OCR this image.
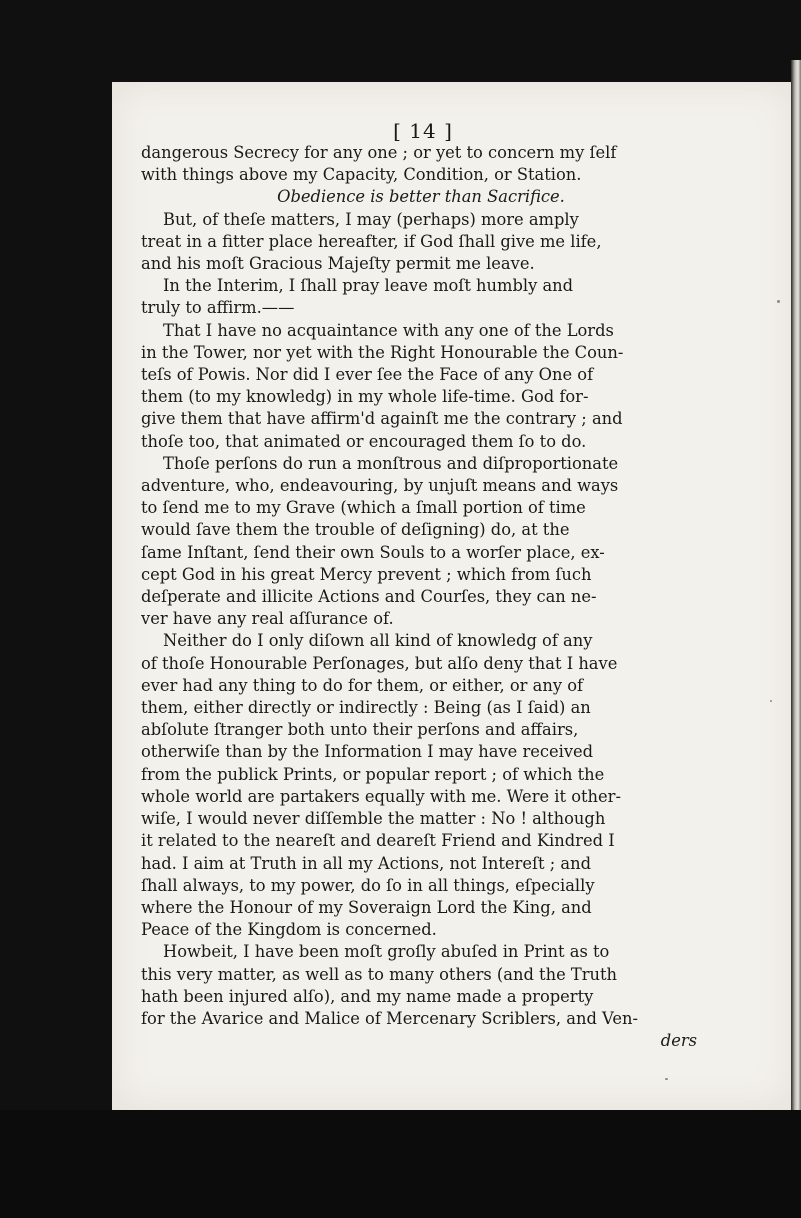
[ 14 ]
dangerous Secrecy for any one ; or yet to concern my ſelf
with things above my Capacity, Condition, or Station.
Obedience is better than Sacrifice.
But, of theſe matters, I may (perhaps) more amply
treat in a fitter place hereafter, if God ſhall give me life,
and his moſt Gracious Majeſty permit me leave.
In the Interim, I ſhall pray leave moſt humbly and
truly to affirm.——
That I have no acquaintance with any one of the Lords
in the Tower, nor yet with the Right Honourable the Coun-
teſs of Powis. Nor did I ever ſee the Face of any One of
them (to my knowledg) in my whole life-time. God for-
give them that have affirm'd againſt me the contrary ; and
thoſe too, that animated or encouraged them ſo to do.
Thoſe perſons do run a monſtrous and diſproportionate
adventure, who, endeavouring, by unjuſt means and ways
to ſend me to my Grave (which a ſmall portion of time
would ſave them the trouble of deſigning) do, at the
ſame Inſtant, ſend their own Souls to a worſer place, ex-
cept God in his great Mercy prevent ; which from ſuch
deſperate and illicite Actions and Courſes, they can ne-
ver have any real aſſurance of.
Neither do I only diſown all kind of knowledg of any
of thoſe Honourable Perſonages, but alſo deny that I have
ever had any thing to do for them, or either, or any of
them, either directly or indirectly : Being (as I ſaid) an
abſolute ſtranger both unto their perſons and affairs,
otherwiſe than by the Information I may have received
from the publick Prints, or popular report ; of which the
whole world are partakers equally with me. Were it other-
wiſe, I would never diſſemble the matter : No ! although
it related to the neareſt and deareſt Friend and Kindred I
had. I aim at Truth in all my Actions, not Intereſt ; and
ſhall always, to my power, do ſo in all things, eſpecially
where the Honour of my Soveraign Lord the King, and
Peace of the Kingdom is concerned.
Howbeit, I have been moſt groſly abuſed in Print as to
this very matter, as well as to many others (and the Truth
hath been injured alſo), and my name made a property
for the Avarice and Malice of Mercenary Scriblers, and Ven-
ders
